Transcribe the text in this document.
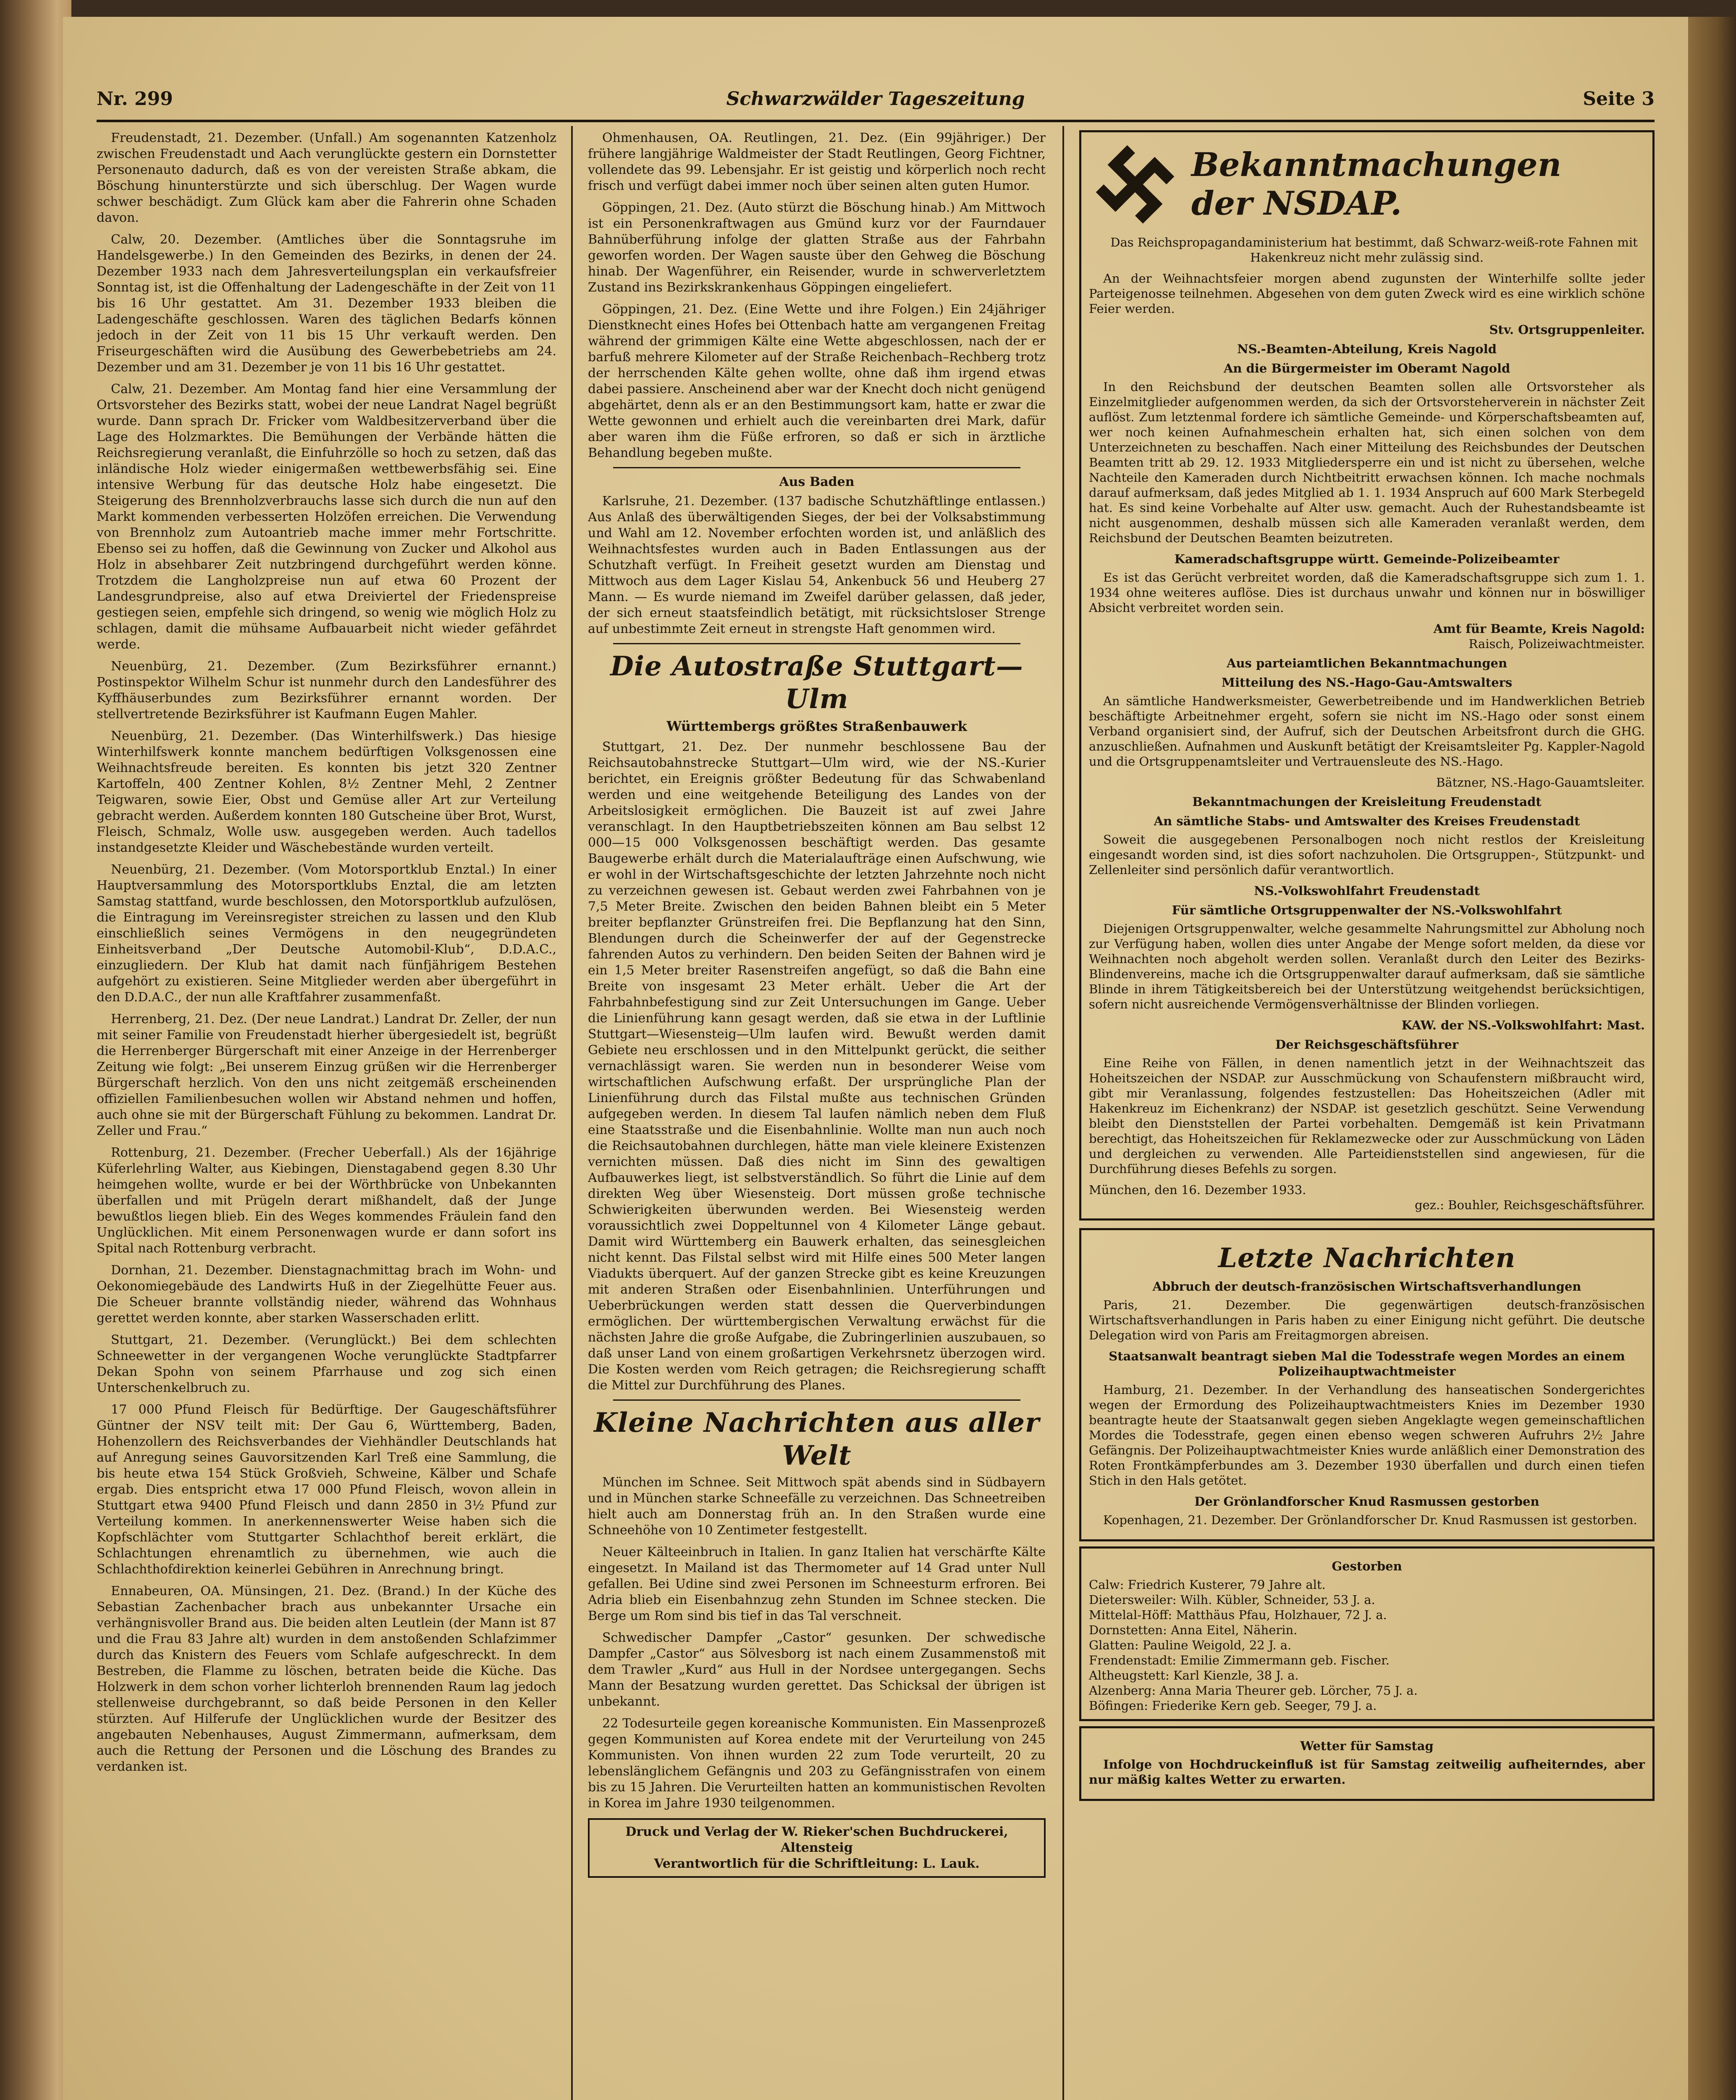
Nr. 299	Schwarzwälder Tageszeitung	Seite 3

Freudenstadt, 21. Dezember. (Unfall.) Am sogenannten Katzenholz zwischen Freudenstadt und Aach verunglückte gestern ein Dornstetter Personenauto dadurch, daß es von der vereisten Straße abkam, die Böschung hinunterstürzte und sich überschlug. Der Wagen wurde schwer beschädigt. Zum Glück kam aber die Fahrerin ohne Schaden davon.

Calw, 20. Dezember. (Amtliches über die Sonntagsruhe im Handelsgewerbe.) In den Gemeinden des Bezirks, in denen der 24. Dezember 1933 nach dem Jahresverteilungsplan ein verkaufsfreier Sonntag ist, ist die Offenhaltung der Ladengeschäfte in der Zeit von 11 bis 16 Uhr gestattet. Am 31. Dezember 1933 bleiben die Ladengeschäfte geschlossen. Waren des täglichen Bedarfs können jedoch in der Zeit von 11 bis 15 Uhr verkauft werden. Den Friseurgeschäften wird die Ausübung des Gewerbebetriebs am 24. Dezember und am 31. Dezember je von 11 bis 16 Uhr gestattet.

Calw, 21. Dezember. Am Montag fand hier eine Versammlung der Ortsvorsteher des Bezirks statt, wobei der neue Landrat Nagel begrüßt wurde. Dann sprach Dr. Fricker vom Waldbesitzerverband über die Lage des Holzmarktes. Die Bemühungen der Verbände hätten die Reichsregierung veranlaßt, die Einfuhrzölle so hoch zu setzen, daß das inländische Holz wieder einigermaßen wettbewerbsfähig sei. Eine intensive Werbung für das deutsche Holz habe eingesetzt. Die Steigerung des Brennholzverbrauchs lasse sich durch die nun auf den Markt kommenden verbesserten Holzöfen erreichen. Die Verwendung von Brennholz zum Autoantrieb mache immer mehr Fortschritte. Ebenso sei zu hoffen, daß die Gewinnung von Zucker und Alkohol aus Holz in absehbarer Zeit nutzbringend durchgeführt werden könne. Trotzdem die Langholzpreise nun auf etwa 60 Prozent der Landesgrundpreise, also auf etwa Dreiviertel der Friedenspreise gestiegen seien, empfehle sich dringend, so wenig wie möglich Holz zu schlagen, damit die mühsame Aufbauarbeit nicht wieder gefährdet werde.

Neuenbürg, 21. Dezember. (Zum Bezirksführer ernannt.) Postinspektor Wilhelm Schur ist nunmehr durch den Landesführer des Kyffhäuserbundes zum Bezirksführer ernannt worden. Der stellvertretende Bezirksführer ist Kaufmann Eugen Mahler.

Neuenbürg, 21. Dezember. (Das Winterhilfswerk.) Das hiesige Winterhilfswerk konnte manchem bedürftigen Volksgenossen eine Weihnachtsfreude bereiten. Es konnten bis jetzt 320 Zentner Kartoffeln, 400 Zentner Kohlen, 8½ Zentner Mehl, 2 Zentner Teigwaren, sowie Eier, Obst und Gemüse aller Art zur Verteilung gebracht werden. Außerdem konnten 180 Gutscheine über Brot, Wurst, Fleisch, Schmalz, Wolle usw. ausgegeben werden. Auch tadellos instandgesetzte Kleider und Wäschebestände wurden verteilt.

Neuenbürg, 21. Dezember. (Vom Motorsportklub Enztal.) In einer Hauptversammlung des Motorsportklubs Enztal, die am letzten Samstag stattfand, wurde beschlossen, den Motorsportklub aufzulösen, die Eintragung im Vereinsregister streichen zu lassen und den Klub einschließlich seines Vermögens in den neugegründeten Einheitsverband „Der Deutsche Automobil-Klub“, D.D.A.C., einzugliedern. Der Klub hat damit nach fünfjährigem Bestehen aufgehört zu existieren. Seine Mitglieder werden aber übergeführt in den D.D.A.C., der nun alle Kraftfahrer zusammenfaßt.

Herrenberg, 21. Dez. (Der neue Landrat.) Landrat Dr. Zeller, der nun mit seiner Familie von Freudenstadt hierher übergesiedelt ist, begrüßt die Herrenberger Bürgerschaft mit einer Anzeige in der Herrenberger Zeitung wie folgt: „Bei unserem Einzug grüßen wir die Herrenberger Bürgerschaft herzlich. Von den uns nicht zeitgemäß erscheinenden offiziellen Familienbesuchen wollen wir Abstand nehmen und hoffen, auch ohne sie mit der Bürgerschaft Fühlung zu bekommen. Landrat Dr. Zeller und Frau.“

Rottenburg, 21. Dezember. (Frecher Ueberfall.) Als der 16jährige Küferlehrling Walter, aus Kiebingen, Dienstagabend gegen 8.30 Uhr heimgehen wollte, wurde er bei der Wörthbrücke von Unbekannten überfallen und mit Prügeln derart mißhandelt, daß der Junge bewußtlos liegen blieb. Ein des Weges kommendes Fräulein fand den Unglücklichen. Mit einem Personenwagen wurde er dann sofort ins Spital nach Rottenburg verbracht.

Dornhan, 21. Dezember. Dienstagnachmittag brach im Wohn- und Oekonomiegebäude des Landwirts Huß in der Ziegelhütte Feuer aus. Die Scheuer brannte vollständig nieder, während das Wohnhaus gerettet werden konnte, aber starken Wasserschaden erlitt.

Stuttgart, 21. Dezember. (Verunglückt.) Bei dem schlechten Schneewetter in der vergangenen Woche verunglückte Stadtpfarrer Dekan Spohn von seinem Pfarrhause und zog sich einen Unterschenkelbruch zu.

17 000 Pfund Fleisch für Bedürftige. Der Gaugeschäftsführer Güntner der NSV teilt mit: Der Gau 6, Württemberg, Baden, Hohenzollern des Reichsverbandes der Viehhändler Deutschlands hat auf Anregung seines Gauvorsitzenden Karl Treß eine Sammlung, die bis heute etwa 154 Stück Großvieh, Schweine, Kälber und Schafe ergab. Dies entspricht etwa 17 000 Pfund Fleisch, wovon allein in Stuttgart etwa 9400 Pfund Fleisch und dann 2850 in 3½ Pfund zur Verteilung kommen. In anerkennenswerter Weise haben sich die Kopfschlächter vom Stuttgarter Schlachthof bereit erklärt, die Schlachtungen ehrenamtlich zu übernehmen, wie auch die Schlachthofdirektion keinerlei Gebühren in Anrechnung bringt.

Ennabeuren, OA. Münsingen, 21. Dez. (Brand.) In der Küche des Sebastian Zachenbacher brach aus unbekannter Ursache ein verhängnisvoller Brand aus. Die beiden alten Leutlein (der Mann ist 87 und die Frau 83 Jahre alt) wurden in dem anstoßenden Schlafzimmer durch das Knistern des Feuers vom Schlafe aufgeschreckt. In dem Bestreben, die Flamme zu löschen, betraten beide die Küche. Das Holzwerk in dem schon vorher lichterloh brennenden Raum lag jedoch stellenweise durchgebrannt, so daß beide Personen in den Keller stürzten. Auf Hilferufe der Unglücklichen wurde der Besitzer des angebauten Nebenhauses, August Zimmermann, aufmerksam, dem auch die Rettung der Personen und die Löschung des Brandes zu verdanken ist.

Ohmenhausen, OA. Reutlingen, 21. Dez. (Ein 99jähriger.) Der frühere langjährige Waldmeister der Stadt Reutlingen, Georg Fichtner, vollendete das 99. Lebensjahr. Er ist geistig und körperlich noch recht frisch und verfügt dabei immer noch über seinen alten guten Humor.

Göppingen, 21. Dez. (Auto stürzt die Böschung hinab.) Am Mittwoch ist ein Personenkraftwagen aus Gmünd kurz vor der Faurndauer Bahnüberführung infolge der glatten Straße aus der Fahrbahn geworfen worden. Der Wagen sauste über den Gehweg die Böschung hinab. Der Wagenführer, ein Reisender, wurde in schwerverletztem Zustand ins Bezirkskrankenhaus Göppingen eingeliefert.

Göppingen, 21. Dez. (Eine Wette und ihre Folgen.) Ein 24jähriger Dienstknecht eines Hofes bei Ottenbach hatte am vergangenen Freitag während der grimmigen Kälte eine Wette abgeschlossen, nach der er barfuß mehrere Kilometer auf der Straße Reichenbach–Rechberg trotz der herrschenden Kälte gehen wollte, ohne daß ihm irgend etwas dabei passiere. Anscheinend aber war der Knecht doch nicht genügend abgehärtet, denn als er an den Bestimmungsort kam, hatte er zwar die Wette gewonnen und erhielt auch die vereinbarten drei Mark, dafür aber waren ihm die Füße erfroren, so daß er sich in ärztliche Behandlung begeben mußte.

Aus Baden

Karlsruhe, 21. Dezember. (137 badische Schutzhäftlinge entlassen.) Aus Anlaß des überwältigenden Sieges, der bei der Volksabstimmung und Wahl am 12. November erfochten worden ist, und anläßlich des Weihnachtsfestes wurden auch in Baden Entlassungen aus der Schutzhaft verfügt. In Freiheit gesetzt wurden am Dienstag und Mittwoch aus dem Lager Kislau 54, Ankenbuck 56 und Heuberg 27 Mann. — Es wurde niemand im Zweifel darüber gelassen, daß jeder, der sich erneut staatsfeindlich betätigt, mit rücksichtsloser Strenge auf unbestimmte Zeit erneut in strengste Haft genommen wird.

Die Autostraße Stuttgart—Ulm
Württembergs größtes Straßenbauwerk

Stuttgart, 21. Dez. Der nunmehr beschlossene Bau der Reichsautobahnstrecke Stuttgart—Ulm wird, wie der NS.-Kurier berichtet, ein Ereignis größter Bedeutung für das Schwabenland werden und eine weitgehende Beteiligung des Landes von der Arbeitslosigkeit ermöglichen. Die Bauzeit ist auf zwei Jahre veranschlagt. In den Hauptbetriebszeiten können am Bau selbst 12 000—15 000 Volksgenossen beschäftigt werden. Das gesamte Baugewerbe erhält durch die Materialaufträge einen Aufschwung, wie er wohl in der Wirtschaftsgeschichte der letzten Jahrzehnte noch nicht zu verzeichnen gewesen ist. Gebaut werden zwei Fahrbahnen von je 7,5 Meter Breite. Zwischen den beiden Bahnen bleibt ein 5 Meter breiter bepflanzter Grünstreifen frei. Die Bepflanzung hat den Sinn, Blendungen durch die Scheinwerfer der auf der Gegenstrecke fahrenden Autos zu verhindern. Den beiden Seiten der Bahnen wird je ein 1,5 Meter breiter Rasenstreifen angefügt, so daß die Bahn eine Breite von insgesamt 23 Meter erhält. Ueber die Art der Fahrbahnbefestigung sind zur Zeit Untersuchungen im Gange. Ueber die Linienführung kann gesagt werden, daß sie etwa in der Luftlinie Stuttgart—Wiesensteig—Ulm laufen wird. Bewußt werden damit Gebiete neu erschlossen und in den Mittelpunkt gerückt, die seither vernachlässigt waren. Sie werden nun in besonderer Weise vom wirtschaftlichen Aufschwung erfaßt. Der ursprüngliche Plan der Linienführung durch das Filstal mußte aus technischen Gründen aufgegeben werden. In diesem Tal laufen nämlich neben dem Fluß eine Staatsstraße und die Eisenbahnlinie. Wollte man nun auch noch die Reichsautobahnen durchlegen, hätte man viele kleinere Existenzen vernichten müssen. Daß dies nicht im Sinn des gewaltigen Aufbauwerkes liegt, ist selbstverständlich. So führt die Linie auf dem direkten Weg über Wiesensteig. Dort müssen große technische Schwierigkeiten überwunden werden. Bei Wiesensteig werden voraussichtlich zwei Doppeltunnel von 4 Kilometer Länge gebaut. Damit wird Württemberg ein Bauwerk erhalten, das seinesgleichen nicht kennt. Das Filstal selbst wird mit Hilfe eines 500 Meter langen Viadukts überquert. Auf der ganzen Strecke gibt es keine Kreuzungen mit anderen Straßen oder Eisenbahnlinien. Unterführungen und Ueberbrückungen werden statt dessen die Querverbindungen ermöglichen. Der württembergischen Verwaltung erwächst für die nächsten Jahre die große Aufgabe, die Zubringerlinien auszubauen, so daß unser Land von einem großartigen Verkehrsnetz überzogen wird. Die Kosten werden vom Reich getragen; die Reichsregierung schafft die Mittel zur Durchführung des Planes.

Kleine Nachrichten aus aller Welt

München im Schnee. Seit Mittwoch spät abends sind in Südbayern und in München starke Schneefälle zu verzeichnen. Das Schneetreiben hielt auch am Donnerstag früh an. In den Straßen wurde eine Schneehöhe von 10 Zentimeter festgestellt.

Neuer Kälteeinbruch in Italien. In ganz Italien hat verschärfte Kälte eingesetzt. In Mailand ist das Thermometer auf 14 Grad unter Null gefallen. Bei Udine sind zwei Personen im Schneesturm erfroren. Bei Adria blieb ein Eisenbahnzug zehn Stunden im Schnee stecken. Die Berge um Rom sind bis tief in das Tal verschneit.

Schwedischer Dampfer „Castor“ gesunken. Der schwedische Dampfer „Castor“ aus Sölvesborg ist nach einem Zusammenstoß mit dem Trawler „Kurd“ aus Hull in der Nordsee untergegangen. Sechs Mann der Besatzung wurden gerettet. Das Schicksal der übrigen ist unbekannt.

22 Todesurteile gegen koreanische Kommunisten. Ein Massenprozeß gegen Kommunisten auf Korea endete mit der Verurteilung von 245 Kommunisten. Von ihnen wurden 22 zum Tode verurteilt, 20 zu lebenslänglichem Gefängnis und 203 zu Gefängnisstrafen von einem bis zu 15 Jahren. Die Verurteilten hatten an kommunistischen Revolten in Korea im Jahre 1930 teilgenommen.

Druck und Verlag der W. Rieker'schen Buchdruckerei, Altensteig
Verantwortlich für die Schriftleitung: L. Lauk.
Bekanntmachungen
der NSDAP.

Das Reichspropagandaministerium hat bestimmt, daß Schwarz-weiß-rote Fahnen mit Hakenkreuz nicht mehr zulässig sind.

An der Weihnachtsfeier morgen abend zugunsten der Winterhilfe sollte jeder Parteigenosse teilnehmen. Abgesehen von dem guten Zweck wird es eine wirklich schöne Feier werden.

Stv. Ortsgruppenleiter.
NS.-Beamten-Abteilung, Kreis Nagold
An die Bürgermeister im Oberamt Nagold

In den Reichsbund der deutschen Beamten sollen alle Ortsvorsteher als Einzelmitglieder aufgenommen werden, da sich der Ortsvorsteherverein in nächster Zeit auflöst. Zum letztenmal fordere ich sämtliche Gemeinde- und Körperschaftsbeamten auf, wer noch keinen Aufnahmeschein erhalten hat, sich einen solchen von dem Unterzeichneten zu beschaffen. Nach einer Mitteilung des Reichsbundes der Deutschen Beamten tritt ab 29. 12. 1933 Mitgliedersperre ein und ist nicht zu übersehen, welche Nachteile den Kameraden durch Nichtbeitritt erwachsen können. Ich mache nochmals darauf aufmerksam, daß jedes Mitglied ab 1. 1. 1934 Anspruch auf 600 Mark Sterbegeld hat. Es sind keine Vorbehalte auf Alter usw. gemacht. Auch der Ruhestandsbeamte ist nicht ausgenommen, deshalb müssen sich alle Kameraden veranlaßt werden, dem Reichsbund der Deutschen Beamten beizutreten.

Kameradschaftsgruppe württ. Gemeinde-Polizeibeamter

Es ist das Gerücht verbreitet worden, daß die Kameradschaftsgruppe sich zum 1. 1. 1934 ohne weiteres auflöse. Dies ist durchaus unwahr und können nur in böswilliger Absicht verbreitet worden sein.

Amt für Beamte, Kreis Nagold:
Raisch, Polizeiwachtmeister.
Aus parteiamtlichen Bekanntmachungen
Mitteilung des NS.-Hago-Gau-Amtswalters

An sämtliche Handwerksmeister, Gewerbetreibende und im Handwerklichen Betrieb beschäftigte Arbeitnehmer ergeht, sofern sie nicht im NS.-Hago oder sonst einem Verband organisiert sind, der Aufruf, sich der Deutschen Arbeitsfront durch die GHG. anzuschließen. Aufnahmen und Auskunft betätigt der Kreisamtsleiter Pg. Kappler-Nagold und die Ortsgruppenamtsleiter und Vertrauensleute des NS.-Hago.

Bätzner, NS.-Hago-Gauamtsleiter.
Bekanntmachungen der Kreisleitung Freudenstadt
An sämtliche Stabs- und Amtswalter des Kreises Freudenstadt

Soweit die ausgegebenen Personalbogen noch nicht restlos der Kreisleitung eingesandt worden sind, ist dies sofort nachzuholen. Die Ortsgruppen-, Stützpunkt- und Zellenleiter sind persönlich dafür verantwortlich.

NS.-Volkswohlfahrt Freudenstadt
Für sämtliche Ortsgruppenwalter der NS.-Volkswohlfahrt

Diejenigen Ortsgruppenwalter, welche gesammelte Nahrungsmittel zur Abholung noch zur Verfügung haben, wollen dies unter Angabe der Menge sofort melden, da diese vor Weihnachten noch abgeholt werden sollen. Veranlaßt durch den Leiter des Bezirks-Blindenvereins, mache ich die Ortsgruppenwalter darauf aufmerksam, daß sie sämtliche Blinde in ihrem Tätigkeitsbereich bei der Unterstützung weitgehendst berücksichtigen, sofern nicht ausreichende Vermögensverhältnisse der Blinden vorliegen.

KAW. der NS.-Volkswohlfahrt: Mast.
Der Reichsgeschäftsführer

Eine Reihe von Fällen, in denen namentlich jetzt in der Weihnachtszeit das Hoheitszeichen der NSDAP. zur Ausschmückung von Schaufenstern mißbraucht wird, gibt mir Veranlassung, folgendes festzustellen: Das Hoheitszeichen (Adler mit Hakenkreuz im Eichenkranz) der NSDAP. ist gesetzlich geschützt. Seine Verwendung bleibt den Dienststellen der Partei vorbehalten. Demgemäß ist kein Privatmann berechtigt, das Hoheitszeichen für Reklamezwecke oder zur Ausschmückung von Läden und dergleichen zu verwenden. Alle Parteidienststellen sind angewiesen, für die Durchführung dieses Befehls zu sorgen.

München, den 16. Dezember 1933.
gez.: Bouhler, Reichsgeschäftsführer.
Letzte Nachrichten
Abbruch der deutsch-französischen Wirtschaftsverhandlungen

Paris, 21. Dezember. Die gegenwärtigen deutsch-französischen Wirtschaftsverhandlungen in Paris haben zu einer Einigung nicht geführt. Die deutsche Delegation wird von Paris am Freitagmorgen abreisen.

Staatsanwalt beantragt sieben Mal die Todesstrafe wegen Mordes an einem Polizeihauptwachtmeister

Hamburg, 21. Dezember. In der Verhandlung des hanseatischen Sondergerichtes wegen der Ermordung des Polizeihauptwachtmeisters Knies im Dezember 1930 beantragte heute der Staatsanwalt gegen sieben Angeklagte wegen gemeinschaftlichen Mordes die Todesstrafe, gegen einen ebenso wegen schweren Aufruhrs 2½ Jahre Gefängnis. Der Polizeihauptwachtmeister Knies wurde anläßlich einer Demonstration des Roten Frontkämpferbundes am 3. Dezember 1930 überfallen und durch einen tiefen Stich in den Hals getötet.

Der Grönlandforscher Knud Rasmussen gestorben

Kopenhagen, 21. Dezember. Der Grönlandforscher Dr. Knud Rasmussen ist gestorben.

Gestorben

Calw: Friedrich Kusterer, 79 Jahre alt.

Dietersweiler: Wilh. Kübler, Schneider, 53 J. a.

Mittelal-Höff: Matthäus Pfau, Holzhauer, 72 J. a.

Dornstetten: Anna Eitel, Näherin.

Glatten: Pauline Weigold, 22 J. a.

Frendenstadt: Emilie Zimmermann geb. Fischer.

Altheugstett: Karl Kienzle, 38 J. a.

Alzenberg: Anna Maria Theurer geb. Lörcher, 75 J. a.

Böfingen: Friederike Kern geb. Seeger, 79 J. a.

Wetter für Samstag

Infolge von Hochdruckeinfluß ist für Samstag zeitweilig aufheiterndes, aber nur mäßig kaltes Wetter zu erwarten.
